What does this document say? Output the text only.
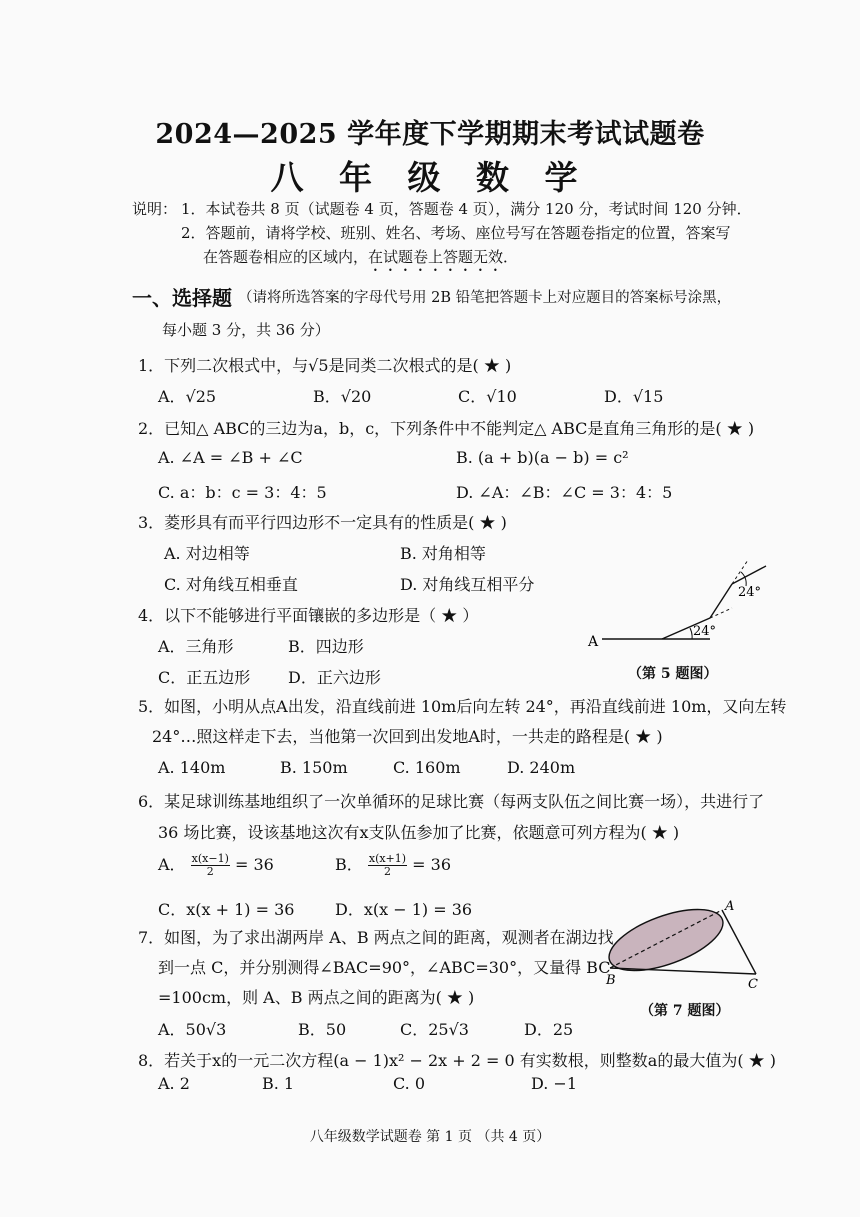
2024—2025 学年度下学期期末考试试题卷
八 年 级 数 学
说明： 1．本试卷共 8 页（试题卷 4 页，答题卷 4 页），满分 120 分，考试时间 120 分钟．
2．答题前，请将学校、班别、姓名、考场、座位号写在答题卷指定的位置，答案写
在答题卷相应的区域内，在试题卷上答题无效．
一、选择题 （请将所选答案的字母代号用 2B 铅笔把答题卡上对应题目的答案标号涂黑，
每小题 3 分，共 36 分）
1．下列二次根式中，与√5是同类二次根式的是( ★ )
A．√25	B．√20	C．√10	D．√15
2．已知△ ABC的三边为a，b，c，下列条件中不能判定△ ABC是直角三角形的是( ★ )
A. ∠A = ∠B + ∠C	B. (a + b)(a − b) = c²
C. a：b：c = 3：4：5	D. ∠A：∠B：∠C = 3：4：5
3．菱形具有而平行四边形不一定具有的性质是( ★ )
A. 对边相等	B. 对角相等
C. 对角线互相垂直	D. 对角线互相平分
4．以下不能够进行平面镶嵌的多边形是（ ★ ）
A．三角形	B．四边形
C．正五边形 D．正六边形
A
24°
24°
（第 5 题图）
5．如图，小明从点A出发，沿直线前进 10m后向左转 24°，再沿直线前进 10m，又向左转
24°…照这样走下去，当他第一次回到出发地A时，一共走的路程是( ★ )
A. 140m	B. 150m	C. 160m	D. 240m
6．某足球训练基地组织了一次单循环的足球比赛（每两支队伍之间比赛一场），共进行了
36 场比赛，设该基地这次有x支队伍参加了比赛，依题意可列方程为( ★ )
A． $\frac{x(x-1)}{2} = 36$	B． $\frac{x(x+1)}{2} = 36$
C．x(x + 1) = 36	D．x(x − 1) = 36	A
B	C
（第 7 题图）
7．如图，为了求出湖两岸 A、B 两点之间的距离，观测者在湖边找
到一点 C，并分别测得∠BAC=90°，∠ABC=30°，又量得 BC
=100cm，则 A、B 两点之间的距离为( ★ )
A．50√3	B．50	C．25√3	D．25
8．若关于x的一元二次方程(a − 1)x² − 2x + 2 = 0 有实数根，则整数a的最大值为( ★ )
A. 2	B. 1	C. 0	D. −1
八年级数学试题卷 第 1 页 （共 4 页）
